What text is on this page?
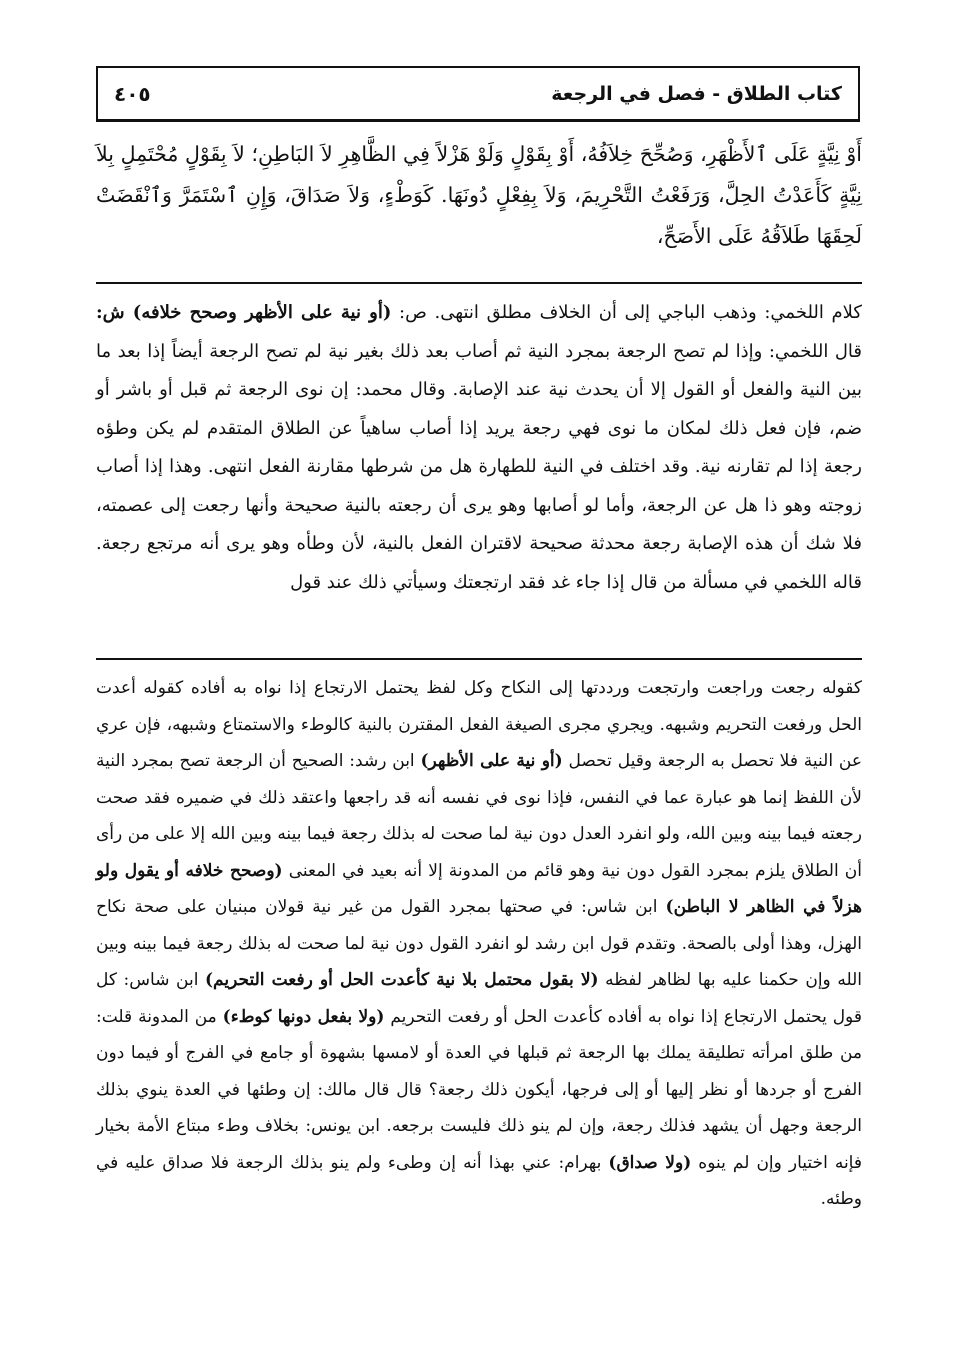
كتاب الطلاق - فصل في الرجعة
٤٠٥

أَوْ نِيَّةٍ عَلَى ٱلأَظْهَرِ، وَصُحِّحَ خِلاَفُهُ، أَوْ بِقَوْلٍ وَلَوْ هَزْلاً فِي الظَّاهِرِ لاَ البَاطِنِ؛ لاَ بِقَوْلٍ مُحْتَمِلٍ بِلاَ نِيَّةٍ كَأَعَدْتُ الحِلَّ، وَرَفَعْتُ التَّحْرِيمَ، وَلاَ بِفِعْلٍ دُونَهَا. كَوَطْءٍ، وَلاَ صَدَاقَ، وَإِنِ ٱسْتَمَرَّ وَٱنْقَضَتْ لَحِقَهَا طَلاَقُهُ عَلَى الأَصَحِّ،

كلام اللخمي: وذهب الباجي إلى أن الخلاف مطلق انتهى. ص: (أو نية على الأظهر وصحح خلافه) ش: قال اللخمي: وإذا لم تصح الرجعة بمجرد النية ثم أصاب بعد ذلك بغير نية لم تصح الرجعة أيضاً إذا بعد ما بين النية والفعل أو القول إلا أن يحدث نية عند الإصابة. وقال محمد: إن نوى الرجعة ثم قبل أو باشر أو ضم، فإن فعل ذلك لمكان ما نوى فهي رجعة يريد إذا أصاب ساهياً عن الطلاق المتقدم لم يكن وطؤه رجعة إذا لم تقارنه نية. وقد اختلف في النية للطهارة هل من شرطها مقارنة الفعل انتهى. وهذا إذا أصاب زوجته وهو ذا هل عن الرجعة، وأما لو أصابها وهو يرى أن رجعته بالنية صحيحة وأنها رجعت إلى عصمته، فلا شك أن هذه الإصابة رجعة محدثة صحيحة لاقتران الفعل بالنية، لأن وطأه وهو يرى أنه مرتجع رجعة. قاله اللخمي في مسألة من قال إذا جاء غد فقد ارتجعتك وسيأتي ذلك عند قول

كقوله رجعت وراجعت وارتجعت ورددتها إلى النكاح وكل لفظ يحتمل الارتجاع إذا نواه به أفاده كقوله أعدت الحل ورفعت التحريم وشبهه. ويجري مجرى الصيغة الفعل المقترن بالنية كالوطء والاستمتاع وشبهه، فإن عري عن النية فلا تحصل به الرجعة وقيل تحصل (أو نية على الأظهر) ابن رشد: الصحيح أن الرجعة تصح بمجرد النية لأن اللفظ إنما هو عبارة عما في النفس، فإذا نوى في نفسه أنه قد راجعها واعتقد ذلك في ضميره فقد صحت رجعته فيما بينه وبين الله، ولو انفرد العدل دون نية لما صحت له بذلك رجعة فيما بينه وبين الله إلا على من رأى أن الطلاق يلزم بمجرد القول دون نية وهو قائم من المدونة إلا أنه بعيد في المعنى (وصحح خلافه أو يقول ولو هزلاً في الظاهر لا الباطن) ابن شاس: في صحتها بمجرد القول من غير نية قولان مبنيان على صحة نكاح الهزل، وهذا أولى بالصحة. وتقدم قول ابن رشد لو انفرد القول دون نية لما صحت له بذلك رجعة فيما بينه وبين الله وإن حكمنا عليه بها لظاهر لفظه (لا بقول محتمل بلا نية كأعدت الحل أو رفعت التحريم) ابن شاس: كل قول يحتمل الارتجاع إذا نواه به أفاده كأعدت الحل أو رفعت التحريم (ولا بفعل دونها كوطء) من المدونة قلت: من طلق امرأته تطليقة يملك بها الرجعة ثم قبلها في العدة أو لامسها بشهوة أو جامع في الفرج أو فيما دون الفرج أو جردها أو نظر إليها أو إلى فرجها، أيكون ذلك رجعة؟ قال قال مالك: إن وطئها في العدة ينوي بذلك الرجعة وجهل أن يشهد فذلك رجعة، وإن لم ينو ذلك فليست برجعه. ابن يونس: بخلاف وطء مبتاع الأمة بخيار فإنه اختيار وإن لم ينوه (ولا صداق) بهرام: عني بهذا أنه إن وطىء ولم ينو بذلك الرجعة فلا صداق عليه في وطئه.
